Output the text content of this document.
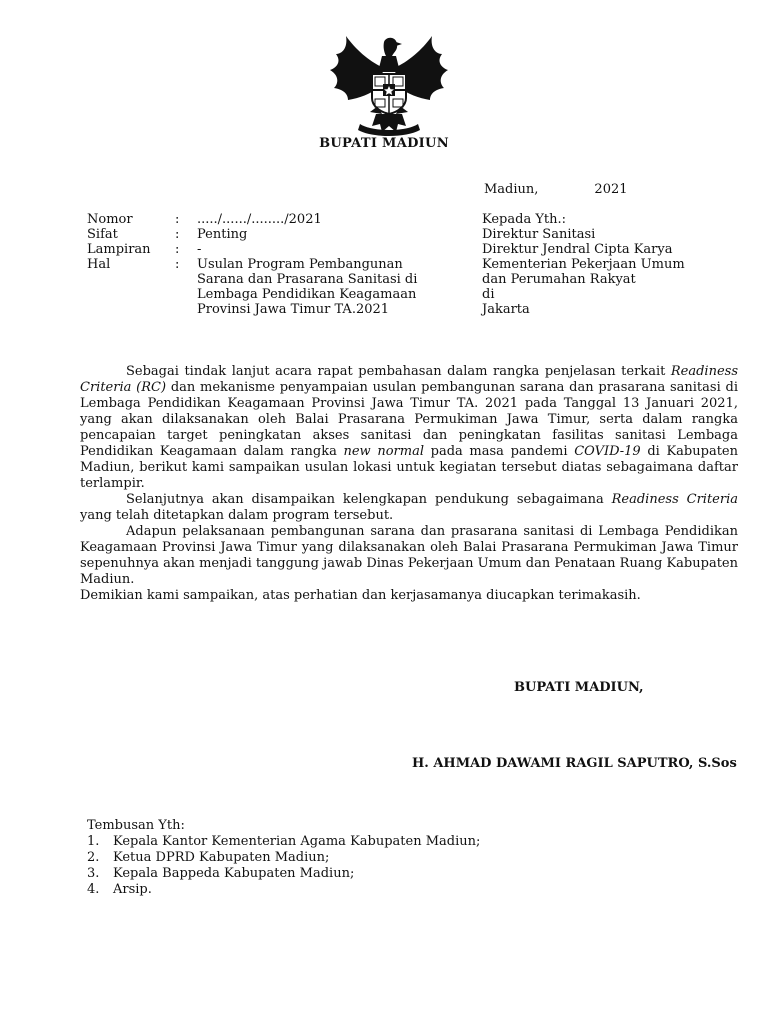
BUPATI MADIUN
Madiun,	2021
Nomor	:	...../....../......../2021
Sifat	:	Penting
Lampiran	:	-
Hal	:	Usulan Program Pembangunan Sarana dan Prasarana Sanitasi di Lembaga Pendidikan Keagamaan Provinsi Jawa Timur TA.2021
Kepada Yth.:
Direktur Sanitasi
Direktur Jendral Cipta Karya
Kementerian Pekerjaan Umum
dan Perumahan Rakyat
di
Jakarta

Sebagai tindak lanjut acara rapat pembahasan dalam rangka penjelasan terkait Readiness Criteria (RC) dan mekanisme penyampaian usulan pembangunan sarana dan prasarana sanitasi di Lembaga Pendidikan Keagamaan Provinsi Jawa Timur TA. 2021 pada Tanggal 13 Januari 2021, yang akan dilaksanakan oleh Balai Prasarana Permukiman Jawa Timur, serta dalam rangka pencapaian target peningkatan akses sanitasi dan peningkatan fasilitas sanitasi Lembaga Pendidikan Keagamaan dalam rangka new normal pada masa pandemi COVID-19 di Kabupaten Madiun, berikut kami sampaikan usulan lokasi untuk kegiatan tersebut diatas sebagaimana daftar terlampir.

Selanjutnya akan disampaikan kelengkapan pendukung sebagaimana Readiness Criteria yang telah ditetapkan dalam program tersebut.

Adapun pelaksanaan pembangunan sarana dan prasarana sanitasi di Lembaga Pendidikan Keagamaan Provinsi Jawa Timur yang dilaksanakan oleh Balai Prasarana Permukiman Jawa Timur sepenuhnya akan menjadi tanggung jawab Dinas Pekerjaan Umum dan Penataan Ruang Kabupaten Madiun.

Demikian kami sampaikan, atas perhatian dan kerjasamanya diucapkan terimakasih.

BUPATI MADIUN,
H. AHMAD DAWAMI RAGIL SAPUTRO, S.Sos
Tembusan Yth:
1. Kepala Kantor Kementerian Agama Kabupaten Madiun;
2. Ketua DPRD Kabupaten Madiun;
3. Kepala Bappeda Kabupaten Madiun;
4. Arsip.
